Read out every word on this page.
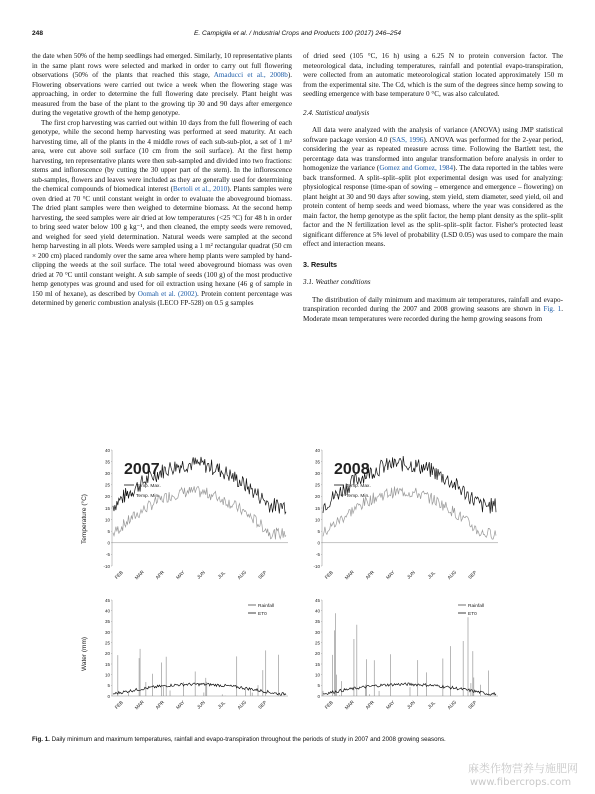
248	E. Campiglia et al. / Industrial Crops and Products 100 (2017) 246–254

the date when 50% of the hemp seedlings had emerged. Similarly, 10 representative plants in the same plant rows were selected and marked in order to carry out full flowering observations (50% of the plants that reached this stage, Amaducci et al., 2008b). Flowering observations were carried out twice a week when the flowering stage was approaching, in order to determine the full flowering date precisely. Plant height was measured from the base of the plant to the growing tip 30 and 90 days after emergence during the vegetative growth of the hemp genotype.

The first crop harvesting was carried out within 10 days from the full flowering of each genotype, while the second hemp harvesting was performed at seed maturity. At each harvesting time, all of the plants in the 4 middle rows of each sub-sub-plot, a set of 1 m² area, were cut above soil surface (10 cm from the soil surface). At the first hemp harvesting, ten representative plants were then sub-sampled and divided into two fractions: stems and inflorescence (by cutting the 30 upper part of the stem). In the inflorescence sub-samples, flowers and leaves were included as they are generally used for determining the chemical compounds of biomedical interest (Bertoli et al., 2010). Plants samples were oven dried at 70 °C until constant weight in order to evaluate the aboveground biomass. The dried plant samples were then weighed to determine biomass. At the second hemp harvesting, the seed samples were air dried at low temperatures (<25 °C) for 48 h in order to bring seed water below 100 g kg⁻¹, and then cleaned, the empty seeds were removed, and weighed for seed yield determination. Natural weeds were sampled at the second hemp harvesting in all plots. Weeds were sampled using a 1 m² rectangular quadrat (50 cm × 200 cm) placed randomly over the same area where hemp plants were sampled by hand-clipping the weeds at the soil surface. The total weed aboveground biomass was oven dried at 70 °C until constant weight. A sub sample of seeds (100 g) of the most productive hemp genotypes was ground and used for oil extraction using hexane (46 g of sample in 150 ml of hexane), as described by Oomah et al. (2002). Protein content percentage was determined by generic combustion analysis (LECO FP-528) on 0.5 g samples

of dried seed (105 °C, 16 h) using a 6.25 N to protein conversion factor. The meteorological data, including temperatures, rainfall and potential evapo-transpiration, were collected from an automatic meteorological station located approximately 150 m from the experimental site. The Cd, which is the sum of the degrees since hemp sowing to seedling emergence with base temperature 0 °C, was also calculated.

2.4. Statistical analysis

All data were analyzed with the analysis of variance (ANOVA) using JMP statistical software package version 4.0 (SAS, 1996). ANOVA was performed for the 2-year period, considering the year as repeated measure across time. Following the Bartlett test, the percentage data was transformed into angular transformation before analysis in order to homogenize the variance (Gomez and Gomez, 1984). The data reported in the tables were back transformed. A split–split–split plot experimental design was used for analyzing: physiological response (time-span of sowing – emergence and emergence – flowering) on plant height at 30 and 90 days after sowing, stem yield, stem diameter, seed yield, oil and protein content of hemp seeds and weed biomass, where the year was considered as the main factor, the hemp genotype as the split factor, the hemp plant density as the split–split factor and the N fertilization level as the split–split–split factor. Fisher's protected least significant difference at 5% level of probability (LSD 0.05) was used to compare the main effect and interaction means.

3. Results
3.1. Weather conditions

The distribution of daily minimum and maximum air temperatures, rainfall and evapo-transpiration recorded during the 2007 and 2008 growing seasons are shown in Fig. 1. Moderate mean temperatures were recorded during the hemp growing seasons from

Temperature (°C)
Water (mm)
40
35
30
25
20
15
10
5
0
-5
-10
FEB MAR APR MAY JUN JUL AUG SEP
2007
Temp. Max.
Temp. Min.
40
35
30
25
20
15
10
5
0
-5
-10
FEB MAR APR MAY JUN JUL AUG SEP
2008
Temp. Max.
Temp. Min.
45
40
35
30
25
20
15
10
5
0
FEB MAR APR MAY JUN JUL AUG SEP
Rainfall
ET0
45
40
35
30
25
20
15
10
5
0
FEB MAR APR MAY JUN JUL AUG SEP
Rainfall
ET0
Fig. 1. Daily minimum and maximum temperatures, rainfall and evapo-transpiration throughout the periods of study in 2007 and 2008 growing seasons.
麻类作物营养与施肥网
www.fibercrops.com
